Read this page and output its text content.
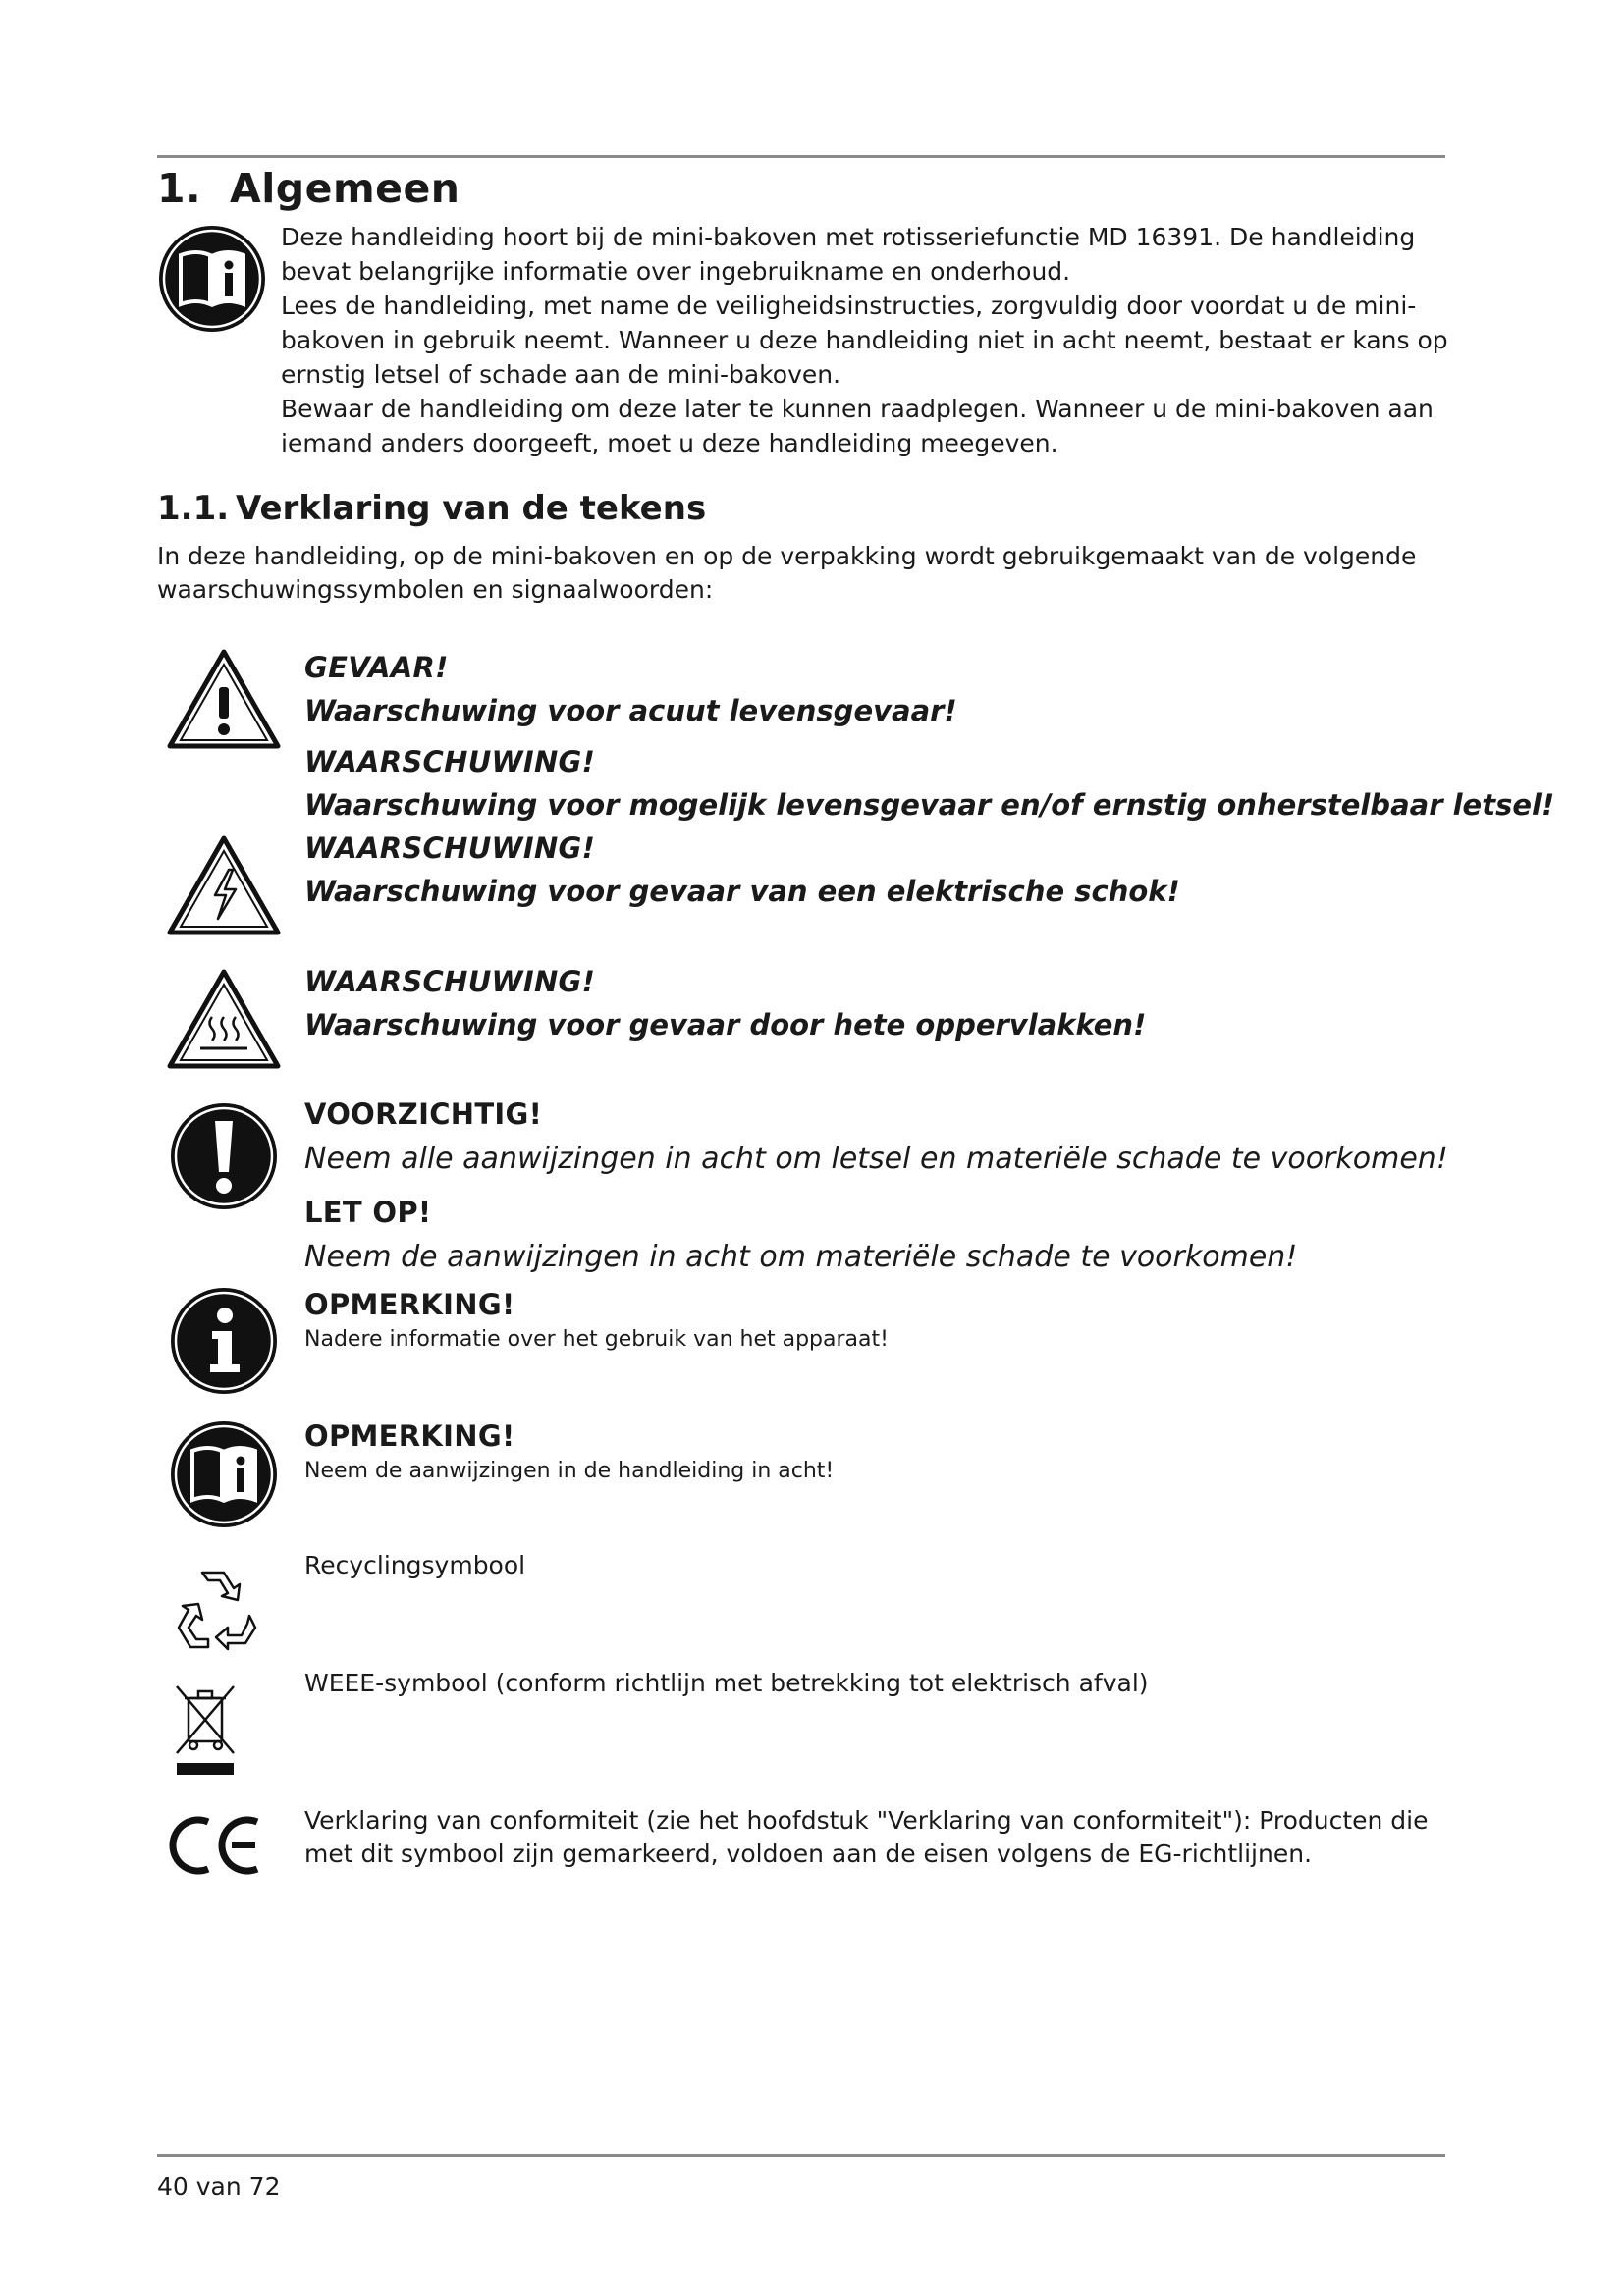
1. Algemeen

Deze handleiding hoort bij de mini-bakoven met rotisseriefunctie MD 16391. De handleiding bevat belangrijke informatie over ingebruikname en onderhoud.

Lees de handleiding, met name de veiligheidsinstructies, zorgvuldig door voordat u de mini-bakoven in gebruik neemt. Wanneer u deze handleiding niet in acht neemt, bestaat er kans op ernstig letsel of schade aan de mini-bakoven.

Bewaar de handleiding om deze later te kunnen raadplegen. Wanneer u de mini-bakoven aan iemand anders doorgeeft, moet u deze handleiding meegeven.

1.1. Verklaring van de tekens

In deze handleiding, op de mini-bakoven en op de verpakking wordt gebruikgemaakt van de volgende waarschuwingssymbolen en signaalwoorden:

GEVAAR!
Waarschuwing voor acuut levensgevaar!
WAARSCHUWING!
Waarschuwing voor mogelijk levensgevaar en/of ernstig onherstelbaar letsel!
WAARSCHUWING!
Waarschuwing voor gevaar van een elektrische schok!
WAARSCHUWING!
Waarschuwing voor gevaar door hete oppervlakken!
VOORZICHTIG!
Neem alle aanwijzingen in acht om letsel en materiële schade te voorkomen!
LET OP!
Neem de aanwijzingen in acht om materiële schade te voorkomen!
OPMERKING!
Nadere informatie over het gebruik van het apparaat!
OPMERKING!
Neem de aanwijzingen in de handleiding in acht!
Recyclingsymbool
WEEE-symbool (conform richtlijn met betrekking tot elektrisch afval)
Verklaring van conformiteit (zie het hoofdstuk "Verklaring van conformiteit"): Producten die met dit symbool zijn gemarkeerd, voldoen aan de eisen volgens de EG-richtlijnen.
40 van 72
